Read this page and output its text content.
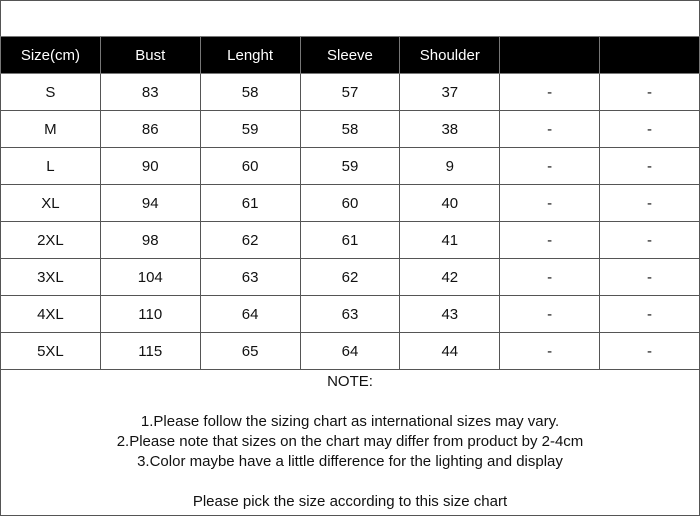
Size(cm)	Bust	Lenght	Sleeve	Shoulder		
S	83	58	57	37	-	-
M	86	59	58	38	-	-
L	90	60	59	9	-	-
XL	94	61	60	40	-	-
2XL	98	62	61	41	-	-
3XL	104	63	62	42	-	-
4XL	110	64	63	43	-	-
5XL	115	65	64	44	-	-
NOTE:
1.Please follow the sizing chart as international sizes may vary.
2.Please note that sizes on the chart may differ from product by 2-4cm
3.Color maybe have a little difference for the lighting and display
Please pick the size according to this size chart
